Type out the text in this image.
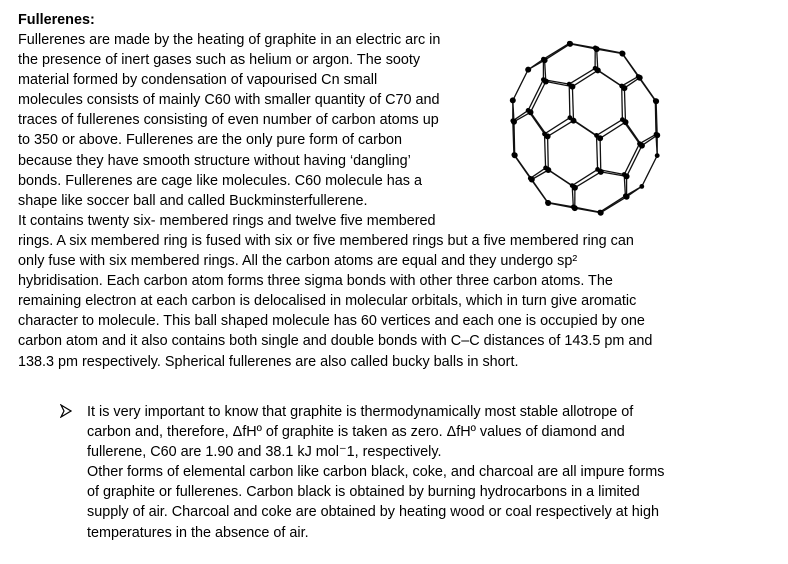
Fullerenes:
Fullerenes are made by the heating of graphite in an electric arc in
the presence of inert gases such as helium or argon. The sooty
material formed by condensation of vapourised Cn small
molecules consists of mainly C60 with smaller quantity of C70 and
traces of fullerenes consisting of even number of carbon atoms up
to 350 or above. Fullerenes are the only pure form of carbon
because they have smooth structure without having ‘dangling’
bonds. Fullerenes are cage like molecules. C60 molecule has a
shape like soccer ball and called Buckminsterfullerene.
It contains twenty six- membered rings and twelve five membered
rings. A six membered ring is fused with six or five membered rings but a five membered ring can
only fuse with six membered rings. All the carbon atoms are equal and they undergo sp²
hybridisation. Each carbon atom forms three sigma bonds with other three carbon atoms. The
remaining electron at each carbon is delocalised in molecular orbitals, which in turn give aromatic
character to molecule. This ball shaped molecule has 60 vertices and each one is occupied by one
carbon atom and it also contains both single and double bonds with C–C distances of 143.5 pm and
138.3 pm respectively. Spherical fullerenes are also called bucky balls in short.
It is very important to know that graphite is thermodynamically most stable allotrope of
carbon and, therefore, ΔfHº of graphite is taken as zero. ΔfHº values of diamond and
fullerene, C60 are 1.90 and 38.1 kJ mol⁻1, respectively.
Other forms of elemental carbon like carbon black, coke, and charcoal are all impure forms
of graphite or fullerenes. Carbon black is obtained by burning hydrocarbons in a limited
supply of air. Charcoal and coke are obtained by heating wood or coal respectively at high
temperatures in the absence of air.
